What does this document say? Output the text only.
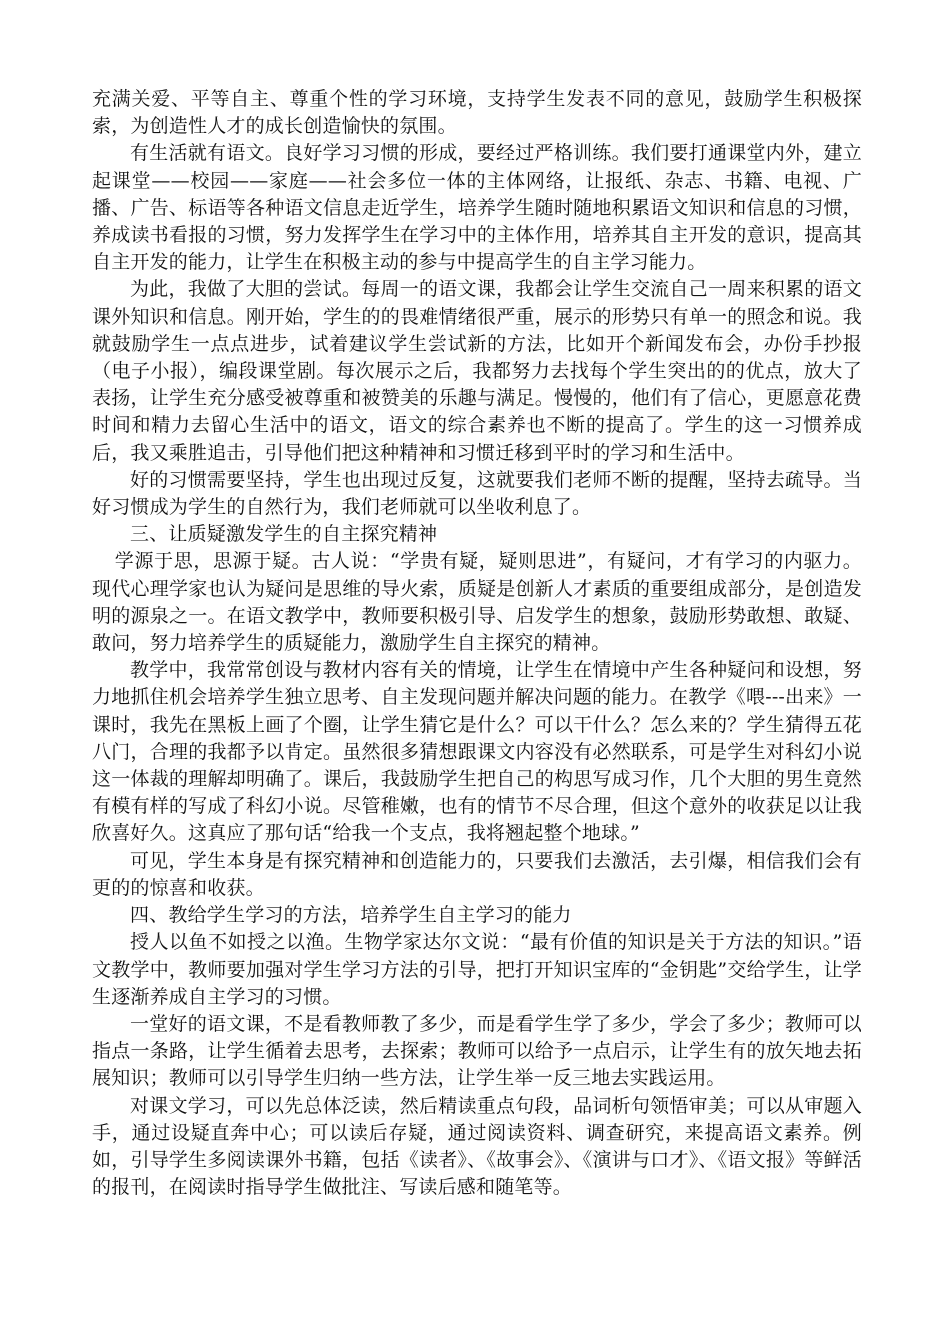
充满关爱、平等自主、尊重个性的学习环境，支持学生发表不同的意见，鼓励学生积极探索，为创造性人才的成长创造愉快的氛围。

有生活就有语文。良好学习习惯的形成，要经过严格训练。我们要打通课堂内外，建立起课堂——校园——家庭——社会多位一体的主体网络，让报纸、杂志、书籍、电视、广播、广告、标语等各种语文信息走近学生，培养学生随时随地积累语文知识和信息的习惯，养成读书看报的习惯，努力发挥学生在学习中的主体作用，培养其自主开发的意识，提高其自主开发的能力，让学生在积极主动的参与中提高学生的自主学习能力。

为此，我做了大胆的尝试。每周一的语文课，我都会让学生交流自己一周来积累的语文课外知识和信息。刚开始，学生的的畏难情绪很严重，展示的形势只有单一的照念和说。我就鼓励学生一点点进步，试着建议学生尝试新的方法，比如开个新闻发布会，办份手抄报（电子小报），编段课堂剧。每次展示之后，我都努力去找每个学生突出的的优点，放大了表扬，让学生充分感受被尊重和被赞美的乐趣与满足。慢慢的，他们有了信心，更愿意花费时间和精力去留心生活中的语文，语文的综合素养也不断的提高了。学生的这一习惯养成后，我又乘胜追击，引导他们把这种精神和习惯迁移到平时的学习和生活中。

好的习惯需要坚持，学生也出现过反复，这就要我们老师不断的提醒，坚持去疏导。当好习惯成为学生的自然行为，我们老师就可以坐收利息了。

三、让质疑激发学生的自主探究精神

学源于思，思源于疑。古人说：“学贵有疑，疑则思进”，有疑问，才有学习的内驱力。现代心理学家也认为疑问是思维的导火索，质疑是创新人才素质的重要组成部分，是创造发明的源泉之一。在语文教学中，教师要积极引导、启发学生的想象，鼓励形势敢想、敢疑、敢问，努力培养学生的质疑能力，激励学生自主探究的精神。

教学中，我常常创设与教材内容有关的情境，让学生在情境中产生各种疑问和设想，努力地抓住机会培养学生独立思考、自主发现问题并解决问题的能力。在教学《喂---出来》一课时，我先在黑板上画了个圈，让学生猜它是什么？可以干什么？怎么来的？学生猜得五花八门，合理的我都予以肯定。虽然很多猜想跟课文内容没有必然联系，可是学生对科幻小说这一体裁的理解却明确了。课后，我鼓励学生把自己的构思写成习作，几个大胆的男生竟然有模有样的写成了科幻小说。尽管稚嫩，也有的情节不尽合理，但这个意外的收获足以让我欣喜好久。这真应了那句话“给我一个支点，我将翘起整个地球。”

可见，学生本身是有探究精神和创造能力的，只要我们去激活，去引爆，相信我们会有更的的惊喜和收获。

四、教给学生学习的方法，培养学生自主学习的能力

授人以鱼不如授之以渔。生物学家达尔文说：“最有价值的知识是关于方法的知识。”语文教学中，教师要加强对学生学习方法的引导，把打开知识宝库的“金钥匙”交给学生，让学生逐渐养成自主学习的习惯。

一堂好的语文课，不是看教师教了多少，而是看学生学了多少，学会了多少；教师可以指点一条路，让学生循着去思考，去探索；教师可以给予一点启示，让学生有的放矢地去拓展知识；教师可以引导学生归纳一些方法，让学生举一反三地去实践运用。

对课文学习，可以先总体泛读，然后精读重点句段，品词析句领悟审美；可以从审题入手，通过设疑直奔中心；可以读后存疑，通过阅读资料、调查研究，来提高语文素养。例如，引导学生多阅读课外书籍，包括《读者》、《故事会》、《演讲与口才》、《语文报》等鲜活的报刊，在阅读时指导学生做批注、写读后感和随笔等。
